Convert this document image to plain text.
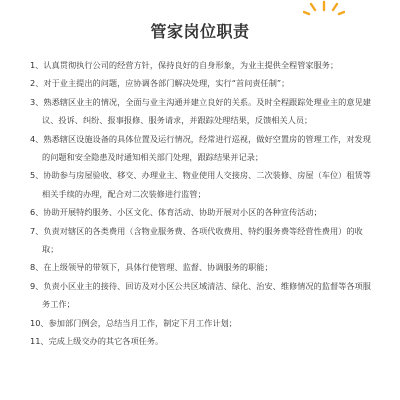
管家岗位职责
1、认真贯彻执行公司的经营方针，保持良好的自身形象，为业主提供全程管家服务；
2、对于业主提出的问题，应协调各部门解决处理，实行“首问责任制”；
3、熟悉辖区业主的情况，全面与业主沟通并建立良好的关系。及时全程跟踪处理业主的意见建议、投诉、纠纷、报事报修、服务请求，并跟踪处理结果，反馈相关人员；
4、熟悉辖区设施设备的具体位置及运行情况，经常进行巡视，做好空置房的管理工作，对发现的问题和安全隐患及时通知相关部门处理，跟踪结果并记录；
5、协助参与房屋验收、移交、办理业主、物业使用人交接房、二次装修、房屋（车位）租赁等相关手续的办理，配合对二次装修进行监管；
6、协助开展特约服务、小区文化、体育活动、协助开展对小区的各种宣传活动；
7、负责对辖区的各类费用（含物业服务费、各项代收费用、特约服务费等经营性费用）的收取；
8、在上级领导的带领下，具体行使管理、监督、协调服务的职能；
9、负责小区业主的接待、回访及对小区公共区域清洁、绿化、治安、维修情况的监督等各项服务工作；
10、参加部门例会，总结当月工作，制定下月工作计划；
11、完成上级交办的其它各项任务。
